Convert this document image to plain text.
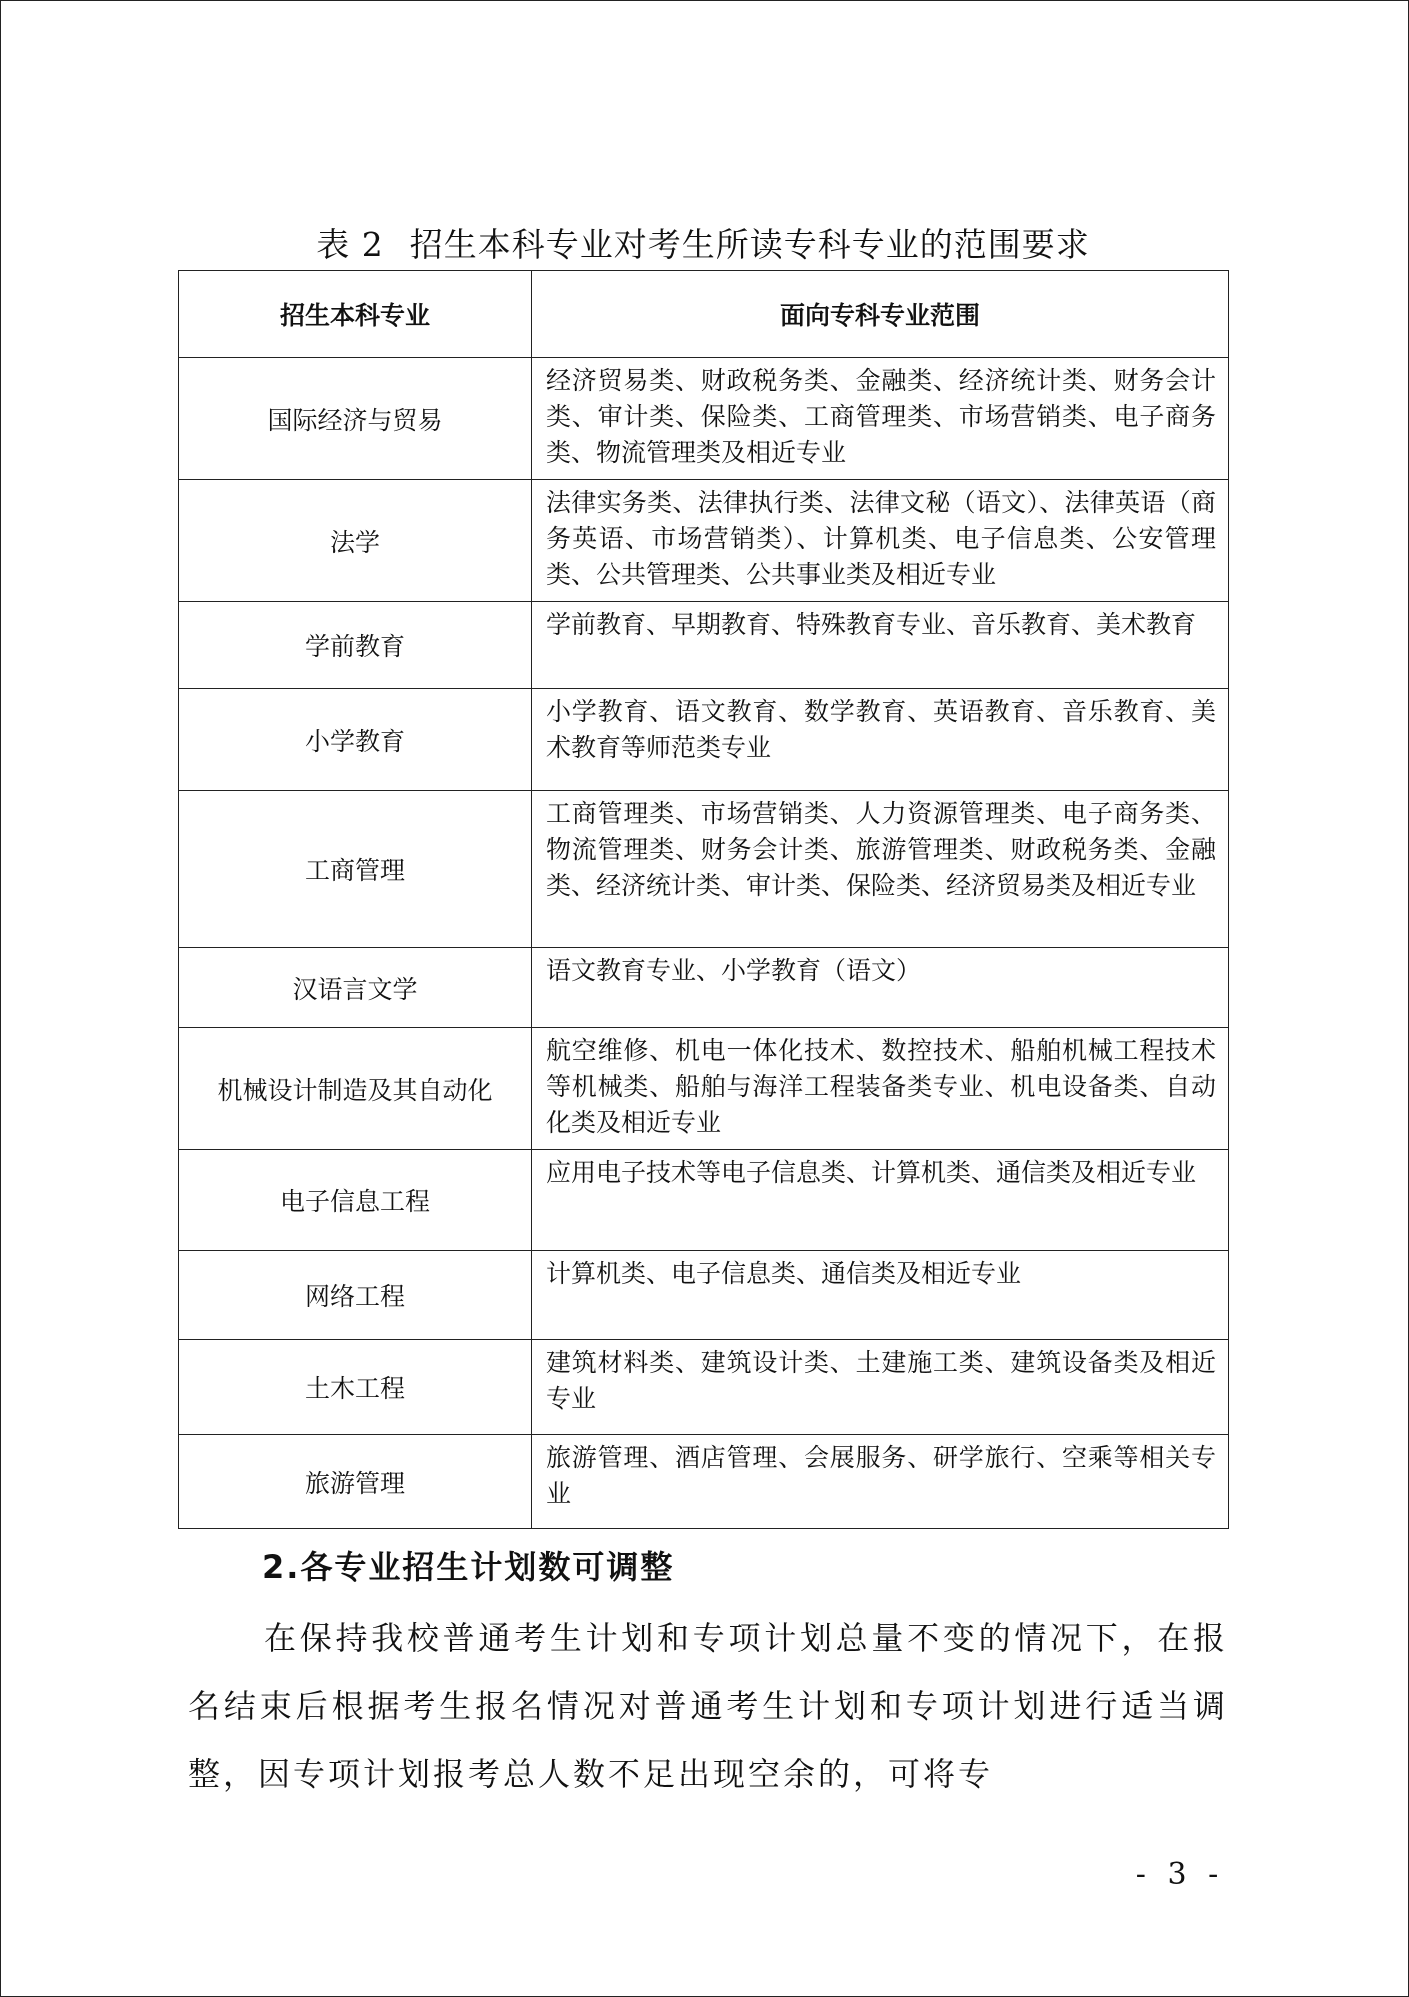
表 2 招生本科专业对考生所读专科专业的范围要求
招生本科专业	面向专科专业范围
国际经济与贸易	经济贸易类、财政税务类、金融类、经济统计类、财务会计类、审计类、保险类、工商管理类、市场营销类、电子商务类、物流管理类及相近专业
法学	法律实务类、法律执行类、法律文秘（语文）、法律英语（商务英语、市场营销类）、计算机类、电子信息类、公安管理类、公共管理类、公共事业类及相近专业
学前教育	学前教育、早期教育、特殊教育专业、音乐教育、美术教育
小学教育	小学教育、语文教育、数学教育、英语教育、音乐教育、美术教育等师范类专业
工商管理	工商管理类、市场营销类、人力资源管理类、电子商务类、物流管理类、财务会计类、旅游管理类、财政税务类、金融类、经济统计类、审计类、保险类、经济贸易类及相近专业
汉语言文学	语文教育专业、小学教育（语文）
机械设计制造及其自动化	航空维修、机电一体化技术、数控技术、船舶机械工程技术等机械类、船舶与海洋工程装备类专业、机电设备类、自动化类及相近专业
电子信息工程	应用电子技术等电子信息类、计算机类、通信类及相近专业
网络工程	计算机类、电子信息类、通信类及相近专业
土木工程	建筑材料类、建筑设计类、土建施工类、建筑设备类及相近专业
旅游管理	旅游管理、酒店管理、会展服务、研学旅行、空乘等相关专业
2.各专业招生计划数可调整
在保持我校普通考生计划和专项计划总量不变的情况下，在报名结束后根据考生报名情况对普通考生计划和专项计划进行适当调整，因专项计划报考总人数不足出现空余的，可将专
- 3 -
